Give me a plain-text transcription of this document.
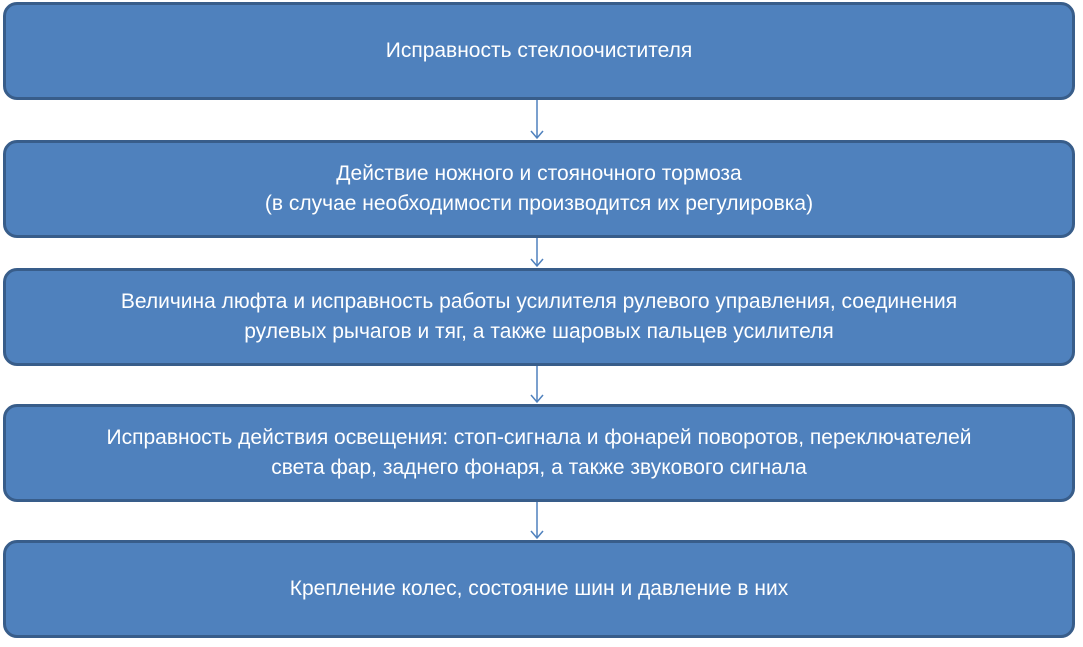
Исправность стеклоочистителя
Действие ножного и стояночного тормоза
(в случае необходимости производится их регулировка)
Величина люфта и исправность работы усилителя рулевого управления, соединения
рулевых рычагов и тяг, а также шаровых пальцев усилителя
Исправность действия освещения: стоп-сигнала и фонарей поворотов, переключателей
света фар, заднего фонаря, а также звукового сигнала
Крепление колес, состояние шин и давление в них
